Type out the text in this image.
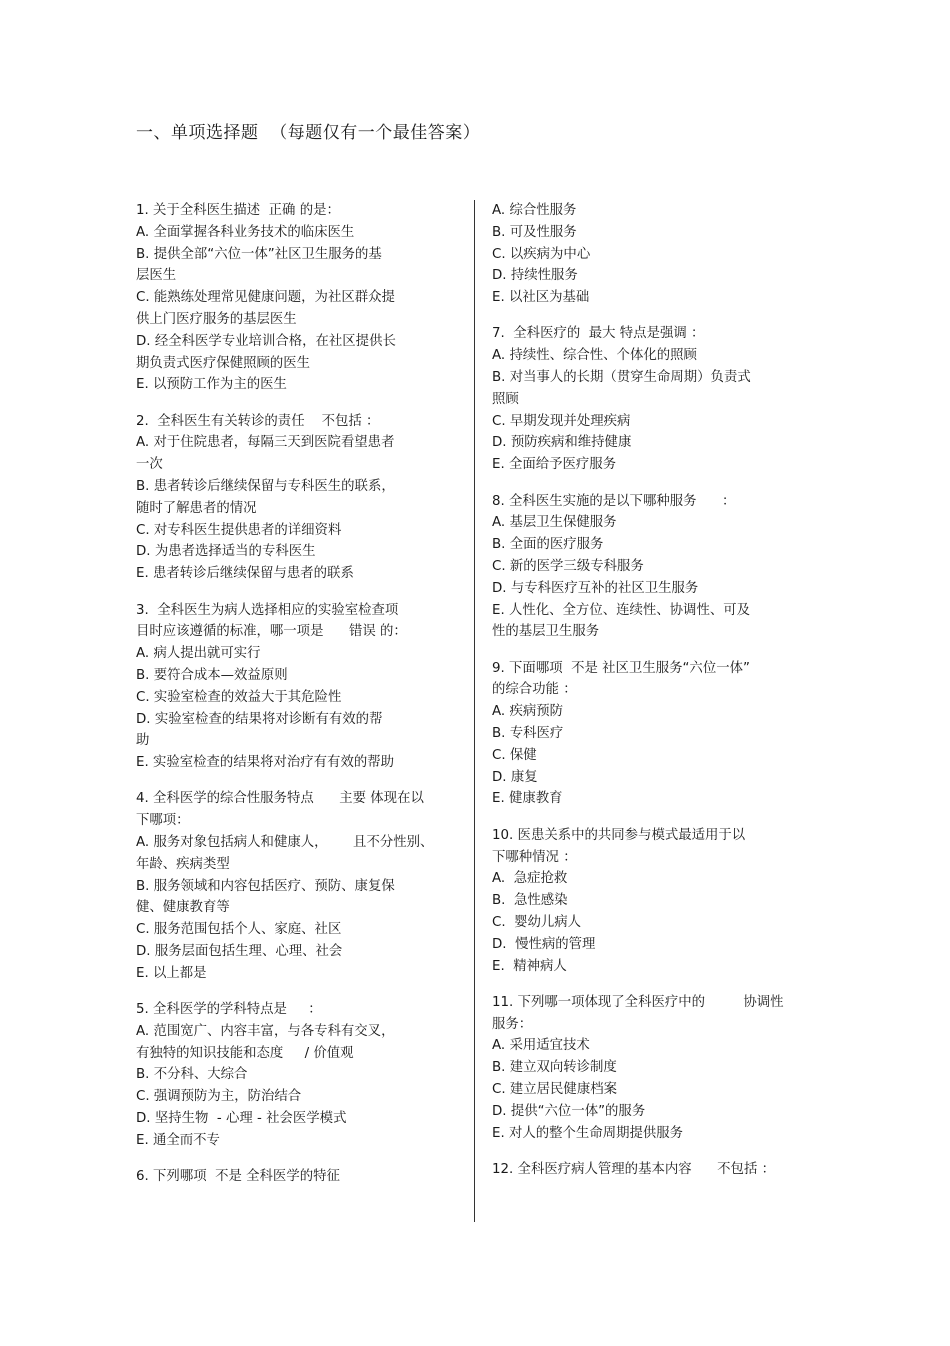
一、单项选择题  （每题仅有一个最佳答案）
1. 关于全科医生描述  正确 的是：
A. 全面掌握各科业务技术的临床医生
B. 提供全部“六位一体”社区卫生服务的基
层医生
C. 能熟练处理常见健康问题，为社区群众提
供上门医疗服务的基层医生
D. 经全科医学专业培训合格，在社区提供长
期负责式医疗保健照顾的医生
E. 以预防工作为主的医生
2.  全科医生有关转诊的责任    不包括 ：
A. 对于住院患者，每隔三天到医院看望患者
一次
B. 患者转诊后继续保留与专科医生的联系，
随时了解患者的情况
C. 对专科医生提供患者的详细资料
D. 为患者选择适当的专科医生
E. 患者转诊后继续保留与患者的联系
3.  全科医生为病人选择相应的实验室检查项
目时应该遵循的标准，哪一项是      错误 的：
A. 病人提出就可实行
B. 要符合成本—效益原则
C. 实验室检查的效益大于其危险性
D. 实验室检查的结果将对诊断有有效的帮
助
E. 实验室检查的结果将对治疗有有效的帮助
4. 全科医学的综合性服务特点      主要 体现在以
下哪项：
A. 服务对象包括病人和健康人，      且不分性别、
年龄、疾病类型
B. 服务领域和内容包括医疗、预防、康复保
健、健康教育等
C. 服务范围包括个人、家庭、社区
D. 服务层面包括生理、心理、社会
E. 以上都是
5. 全科医学的学科特点是     ：
A. 范围宽广、内容丰富，与各专科有交叉，
有独特的知识技能和态度     / 价值观
B. 不分科、大综合
C. 强调预防为主，防治结合
D. 坚持生物  - 心理 - 社会医学模式
E. 通全而不专
6. 下列哪项  不是 全科医学的特征
A. 综合性服务
B. 可及性服务
C. 以疾病为中心
D. 持续性服务
E. 以社区为基础
7.  全科医疗的  最大 特点是强调 ：
A. 持续性、综合性、个体化的照顾
B. 对当事人的长期（贯穿生命周期）负责式
照顾
C. 早期发现并处理疾病
D. 预防疾病和维持健康
E. 全面给予医疗服务
8. 全科医生实施的是以下哪种服务      ：
A. 基层卫生保健服务
B. 全面的医疗服务
C. 新的医学三级专科服务
D. 与专科医疗互补的社区卫生服务
E. 人性化、全方位、连续性、协调性、可及
性的基层卫生服务
9. 下面哪项  不是 社区卫生服务“六位一体”
的综合功能 ：
A. 疾病预防
B. 专科医疗
C. 保健
D. 康复
E. 健康教育
10. 医患关系中的共同参与模式最适用于以
下哪种情况 ：
A.  急症抢救
B.  急性感染
C.  婴幼儿病人
D.  慢性病的管理
E.  精神病人
11. 下列哪一项体现了全科医疗中的         协调性
服务：
A. 采用适宜技术
B. 建立双向转诊制度
C. 建立居民健康档案
D. 提供“六位一体”的服务
E. 对人的整个生命周期提供服务
12. 全科医疗病人管理的基本内容      不包括 ：
